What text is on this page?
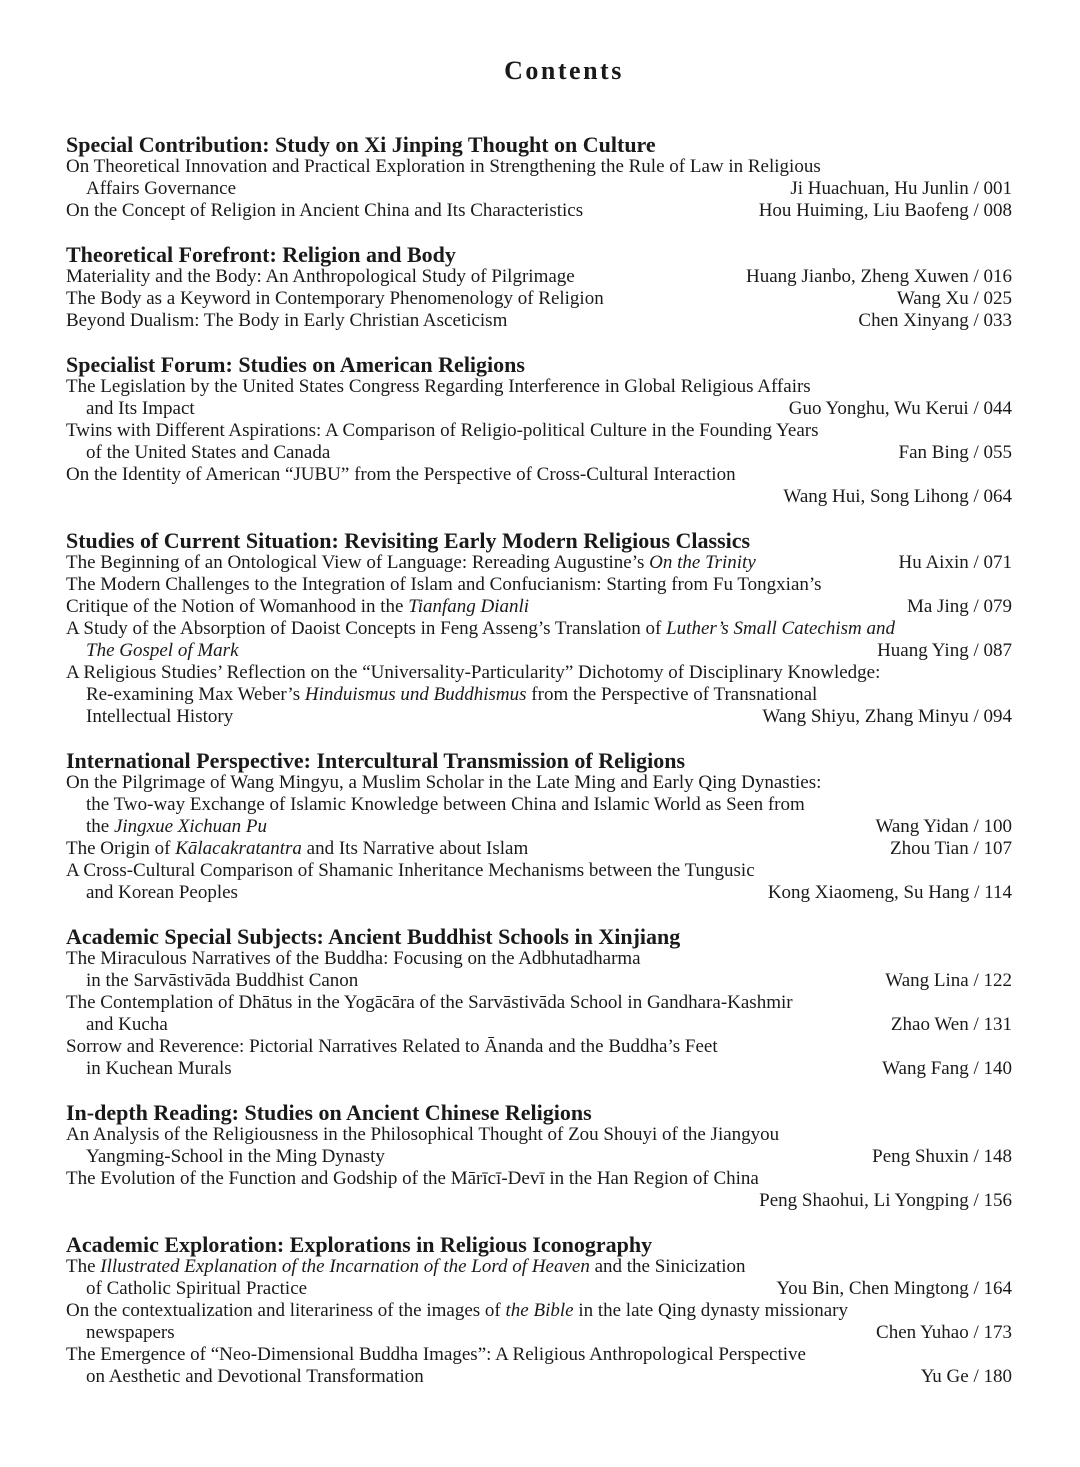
Contents
Special Contribution: Study on Xi Jinping Thought on Culture
On Theoretical Innovation and Practical Exploration in Strengthening the Rule of Law in Religious
Affairs Governance	Ji Huachuan, Hu Junlin / 001
On the Concept of Religion in Ancient China and Its Characteristics	Hou Huiming, Liu Baofeng / 008
Theoretical Forefront: Religion and Body
Materiality and the Body: An Anthropological Study of Pilgrimage	Huang Jianbo, Zheng Xuwen / 016
The Body as a Keyword in Contemporary Phenomenology of Religion	Wang Xu / 025
Beyond Dualism: The Body in Early Christian Asceticism	Chen Xinyang / 033
Specialist Forum: Studies on American Religions
The Legislation by the United States Congress Regarding Interference in Global Religious Affairs
and Its Impact	Guo Yonghu, Wu Kerui / 044
Twins with Different Aspirations: A Comparison of Religio-political Culture in the Founding Years
of the United States and Canada	Fan Bing / 055
On the Identity of American “JUBU” from the Perspective of Cross-Cultural Interaction
Wang Hui, Song Lihong / 064
Studies of Current Situation: Revisiting Early Modern Religious Classics
The Beginning of an Ontological View of Language: Rereading Augustine’s On the Trinity	Hu Aixin / 071
The Modern Challenges to the Integration of Islam and Confucianism: Starting from Fu Tongxian’s
Critique of the Notion of Womanhood in the Tianfang Dianli	Ma Jing / 079
A Study of the Absorption of Daoist Concepts in Feng Asseng’s Translation of Luther’s Small Catechism and
The Gospel of Mark	Huang Ying / 087
A Religious Studies’ Reflection on the “Universality-Particularity” Dichotomy of Disciplinary Knowledge:
Re-examining Max Weber’s Hinduismus und Buddhismus from the Perspective of Transnational
Intellectual History	Wang Shiyu, Zhang Minyu / 094
International Perspective: Intercultural Transmission of Religions
On the Pilgrimage of Wang Mingyu, a Muslim Scholar in the Late Ming and Early Qing Dynasties:
the Two-way Exchange of Islamic Knowledge between China and Islamic World as Seen from
the Jingxue Xichuan Pu	Wang Yidan / 100
The Origin of Kālacakratantra and Its Narrative about Islam	Zhou Tian / 107
A Cross-Cultural Comparison of Shamanic Inheritance Mechanisms between the Tungusic
and Korean Peoples	Kong Xiaomeng, Su Hang / 114
Academic Special Subjects: Ancient Buddhist Schools in Xinjiang
The Miraculous Narratives of the Buddha: Focusing on the Adbhutadharma
in the Sarvāstivāda Buddhist Canon	Wang Lina / 122
The Contemplation of Dhātus in the Yogācāra of the Sarvāstivāda School in Gandhara-Kashmir
and Kucha	Zhao Wen / 131
Sorrow and Reverence: Pictorial Narratives Related to Ānanda and the Buddha’s Feet
in Kuchean Murals	Wang Fang / 140
In-depth Reading: Studies on Ancient Chinese Religions
An Analysis of the Religiousness in the Philosophical Thought of Zou Shouyi of the Jiangyou
Yangming-School in the Ming Dynasty	Peng Shuxin / 148
The Evolution of the Function and Godship of the Mārīcī-Devī in the Han Region of China
Peng Shaohui, Li Yongping / 156
Academic Exploration: Explorations in Religious Iconography
The Illustrated Explanation of the Incarnation of the Lord of Heaven and the Sinicization
of Catholic Spiritual Practice	You Bin, Chen Mingtong / 164
On the contextualization and literariness of the images of the Bible in the late Qing dynasty missionary
newspapers	Chen Yuhao / 173
The Emergence of “Neo-Dimensional Buddha Images”: A Religious Anthropological Perspective
on Aesthetic and Devotional Transformation	Yu Ge / 180
